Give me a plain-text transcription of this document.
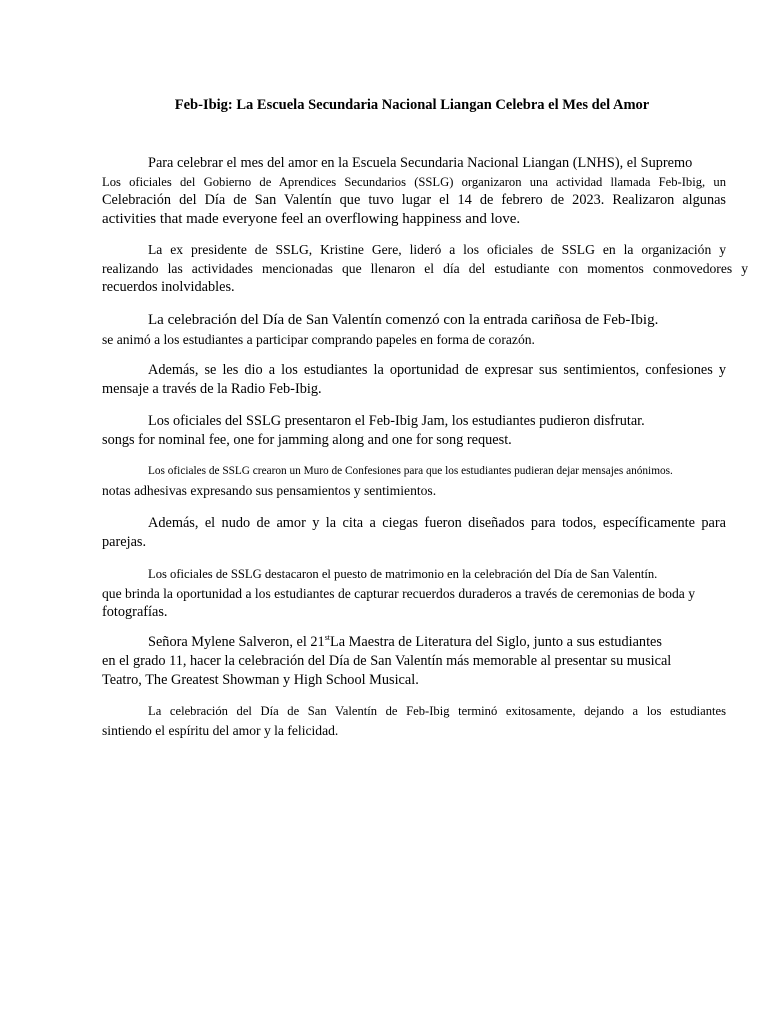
Feb-Ibig: La Escuela Secundaria Nacional Liangan Celebra el Mes del Amor
Para celebrar el mes del amor en la Escuela Secundaria Nacional Liangan (LNHS), el Supremo
Los oficiales del Gobierno de Aprendices Secundarios (SSLG) organizaron una actividad llamada Feb-Ibig, un
Celebración del Día de San Valentín que tuvo lugar el 14 de febrero de 2023. Realizaron algunas
activities that made everyone feel an overflowing happiness and love.
La ex presidente de SSLG, Kristine Gere, lideró a los oficiales de SSLG en la organización y
realizando las actividades mencionadas que llenaron el día del estudiante con momentos conmovedores y
recuerdos inolvidables.
La celebración del Día de San Valentín comenzó con la entrada cariñosa de Feb-Ibig.
se animó a los estudiantes a participar comprando papeles en forma de corazón.
Además, se les dio a los estudiantes la oportunidad de expresar sus sentimientos, confesiones y
mensaje a través de la Radio Feb-Ibig.
Los oficiales del SSLG presentaron el Feb-Ibig Jam, los estudiantes pudieron disfrutar.
songs for nominal fee, one for jamming along and one for song request.
Los oficiales de SSLG crearon un Muro de Confesiones para que los estudiantes pudieran dejar mensajes anónimos.
notas adhesivas expresando sus pensamientos y sentimientos.
Además, el nudo de amor y la cita a ciegas fueron diseñados para todos, específicamente para
parejas.
Los oficiales de SSLG destacaron el puesto de matrimonio en la celebración del Día de San Valentín.
que brinda la oportunidad a los estudiantes de capturar recuerdos duraderos a través de ceremonias de boda y
fotografías.
Señora Mylene Salveron, el 21stLa Maestra de Literatura del Siglo, junto a sus estudiantes
en el grado 11, hacer la celebración del Día de San Valentín más memorable al presentar su musical
Teatro, The Greatest Showman y High School Musical.
La celebración del Día de San Valentín de Feb-Ibig terminó exitosamente, dejando a los estudiantes
sintiendo el espíritu del amor y la felicidad.
